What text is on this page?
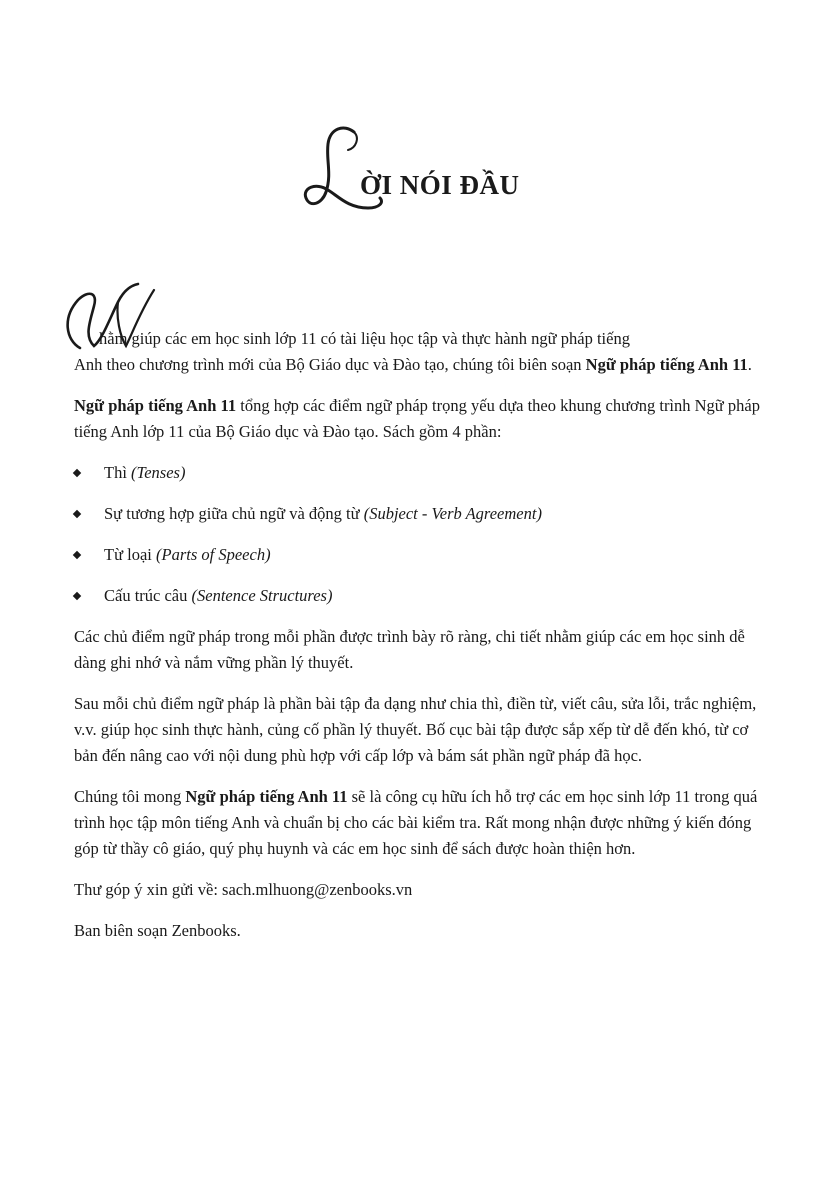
ỜI NÓI ĐẦU
hằm giúp các em học sinh lớp 11 có tài liệu học tập và thực hành ngữ pháp tiếng
Anh theo chương trình mới của Bộ Giáo dục và Đào tạo, chúng tôi biên soạn Ngữ pháp tiếng Anh 11.

Ngữ pháp tiếng Anh 11 tổng hợp các điểm ngữ pháp trọng yếu dựa theo khung chương trình Ngữ pháp tiếng Anh lớp 11 của Bộ Giáo dục và Đào tạo. Sách gồm 4 phần:

Thì (Tenses)
Sự tương hợp giữa chủ ngữ và động từ (Subject - Verb Agreement)
Từ loại (Parts of Speech)
Cấu trúc câu (Sentence Structures)

Các chủ điểm ngữ pháp trong mỗi phần được trình bày rõ ràng, chi tiết nhằm giúp các em học sinh dễ dàng ghi nhớ và nắm vững phần lý thuyết.

Sau mỗi chủ điểm ngữ pháp là phần bài tập đa dạng như chia thì, điền từ, viết câu, sửa lỗi, trắc nghiệm, v.v. giúp học sinh thực hành, củng cố phần lý thuyết. Bố cục bài tập được sắp xếp từ dễ đến khó, từ cơ bản đến nâng cao với nội dung phù hợp với cấp lớp và bám sát phần ngữ pháp đã học.

Chúng tôi mong Ngữ pháp tiếng Anh 11 sẽ là công cụ hữu ích hỗ trợ các em học sinh lớp 11 trong quá trình học tập môn tiếng Anh và chuẩn bị cho các bài kiểm tra. Rất mong nhận được những ý kiến đóng góp từ thầy cô giáo, quý phụ huynh và các em học sinh để sách được hoàn thiện hơn.

Thư góp ý xin gửi về: sach.mlhuong@zenbooks.vn

Ban biên soạn Zenbooks.
